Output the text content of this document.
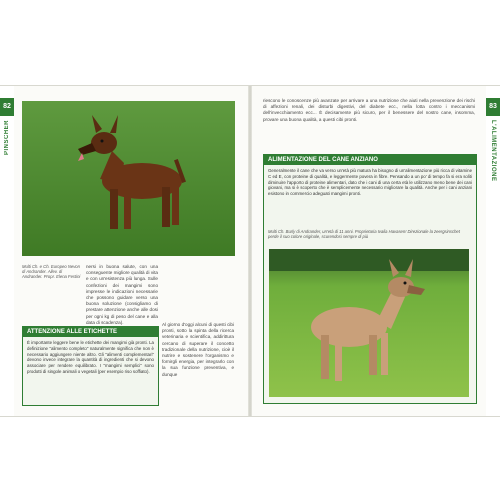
82
PINSCHER
Multi Ch. e Ch. Europeo Nevon di Andrander. Allev. di Andrander. Propr. Elena Festini
nersi in buona salute, con una conseguente migliore qualità di vita e con un'esistenza più lunga. Sulle confezioni dei mangimi sono impresse le indicazioni necessarie che possono guidare verso una buona soluzione (consigliamo di prestare attenzione anche alle dosi per ogni kg di peso del cane e alla data di scadenza).	Al giorno d'oggi alcuni di questi cibi pronti, sotto la spinta della ricerca veterinaria e scientifica, addirittura cercano di superare il concetto tradizionale della nutrizione, cioè il nutrire e sostenere l'organismo e fornirgli energia, per integrarlo con la sua funzione preventiva, e dunque
ATTENZIONE ALLE ETICHETTE
È importante leggere bene le etichette dei mangimi già pronti. La definizione "alimento completo" naturalmente significa che non è necessario aggiungere niente altro. Gli "alimenti complementari" devono invece integrare la quantità di ingredienti che si devono associare per rendere equilibrato. I "mangimi semplici" sono prodotti di singole animali o vegetali (per esempio riso soffiato).
83
L'ALIMENTAZIONE
riescono le conoscenze più avanzate per arrivare a una nutrizione che aiuti nella prevenzione dei rischi di affezioni renali, dei disturbi digestivi, del diabete ecc., nella lotta contro i meccanismi dell'invecchiamento ecc... È decisamente più sicuro, per il benessere del nostro cane, insomma, provare una buona qualità, a questi cibi pronti.
ALIMENTAZIONE DEL CANE ANZIANO
Generalmente il cane che va verso un'età più matura ha bisogno di un'alimentazione più ricca di vitamine C ed E, con proteine di qualità, e leggermente povera in fibre. Pensando a un po' di tempo fa si era soliti diminuire l'apporto di proteine alimentari, dato che i cani di una certa età le utilizzano meno bene dei cani giovani, ma si è scoperto che è semplicemente necessario migliorare la qualità. Anche per i cani anziani esistono in commercio adeguati mangimi pronti.
Multi Ch. Burly di Andrander, un'età di 11 anni. Proprietaria Ivalia Havasen! Direzionale la zeergsinschet perde il suo colore originale, scurendosi sempre di più
